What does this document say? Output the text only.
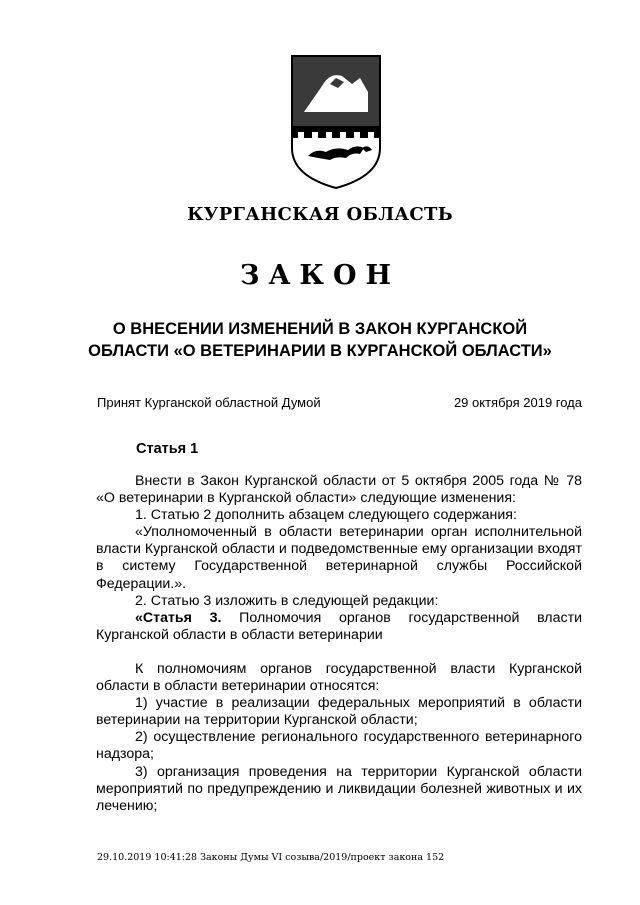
КУРГАНСКАЯ ОБЛАСТЬ
ЗАКОН
О ВНЕСЕНИИ ИЗМЕНЕНИЙ В ЗАКОН КУРГАНСКОЙ ОБЛАСТИ «О ВЕТЕРИНАРИИ В КУРГАНСКОЙ ОБЛАСТИ»
Принят Курганской областной Думой	29 октября 2019 года
Статья 1

Внести в Закон Курганской области от 5 октября 2005 года № 78 «О ветеринарии в Курганской области» следующие изменения:

1. Статью 2 дополнить абзацем следующего содержания:

«Уполномоченный в области ветеринарии орган исполнительной власти Курганской области и подведомственные ему организации входят в систему Государственной ветеринарной службы Российской Федерации.».

2. Статью 3 изложить в следующей редакции:

«Статья 3. Полномочия органов государственной власти Курганской области в области ветеринарии

К полномочиям органов государственной власти Курганской области в области ветеринарии относятся:

1) участие в реализации федеральных мероприятий в области ветеринарии на территории Курганской области;

2) осуществление регионального государственного ветеринарного надзора;

3) организация проведения на территории Курганской области мероприятий по предупреждению и ликвидации болезней животных и их лечению;

29.10.2019 10:41:28 Законы Думы VI созыва/2019/проект закона 152
